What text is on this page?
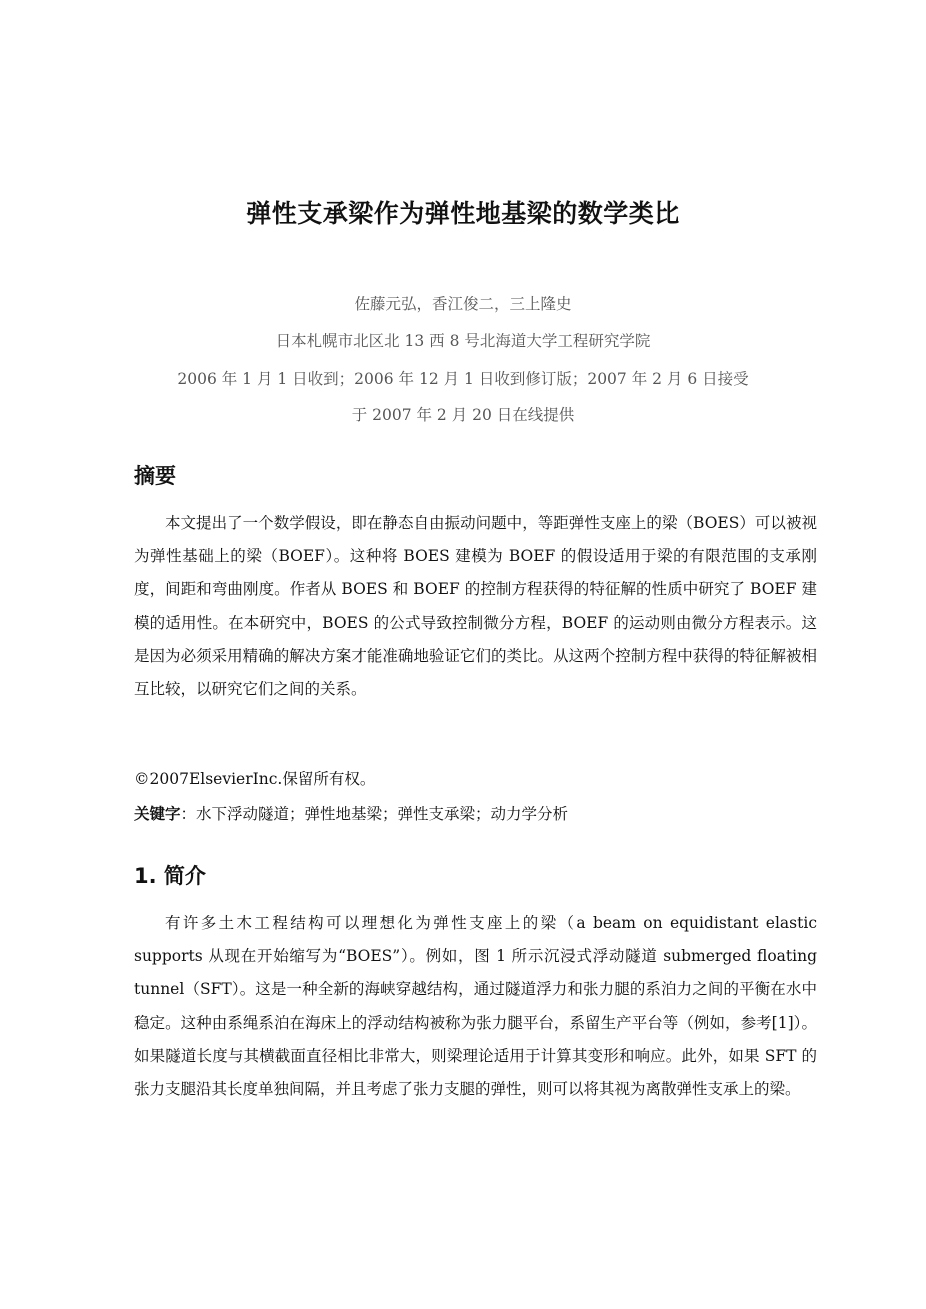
弹性支承梁作为弹性地基梁的数学类比
佐藤元弘，香江俊二，三上隆史
日本札幌市北区北 13 西 8 号北海道大学工程研究学院
2006 年 1 月 1 日收到；2006 年 12 月 1 日收到修订版；2007 年 2 月 6 日接受
于 2007 年 2 月 20 日在线提供
摘要
本文提出了一个数学假设，即在静态自由振动问题中，等距弹性支座上的梁（BOES）可以被视为弹性基础上的梁（BOEF）。这种将 BOES 建模为 BOEF 的假设适用于梁的有限范围的支承刚度，间距和弯曲刚度。作者从 BOES 和 BOEF 的控制方程获得的特征解的性质中研究了 BOEF 建模的适用性。在本研究中，BOES 的公式导致控制微分方程，BOEF 的运动则由微分方程表示。这是因为必须采用精确的解决方案才能准确地验证它们的类比。从这两个控制方程中获得的特征解被相互比较，以研究它们之间的关系。
©2007ElsevierInc.保留所有权。
关键字：水下浮动隧道；弹性地基梁；弹性支承梁；动力学分析
1. 简介
有许多土木工程结构可以理想化为弹性支座上的梁（a beam on equidistant elastic supports 从现在开始缩写为“BOES”）。例如，图 1 所示沉浸式浮动隧道 submerged floating tunnel（SFT）。这是一种全新的海峡穿越结构，通过隧道浮力和张力腿的系泊力之间的平衡在水中稳定。这种由系绳系泊在海床上的浮动结构被称为张力腿平台，系留生产平台等（例如，参考[1]）。如果隧道长度与其横截面直径相比非常大，则梁理论适用于计算其变形和响应。此外，如果 SFT 的张力支腿沿其长度单独间隔，并且考虑了张力支腿的弹性，则可以将其视为离散弹性支承上的梁。
